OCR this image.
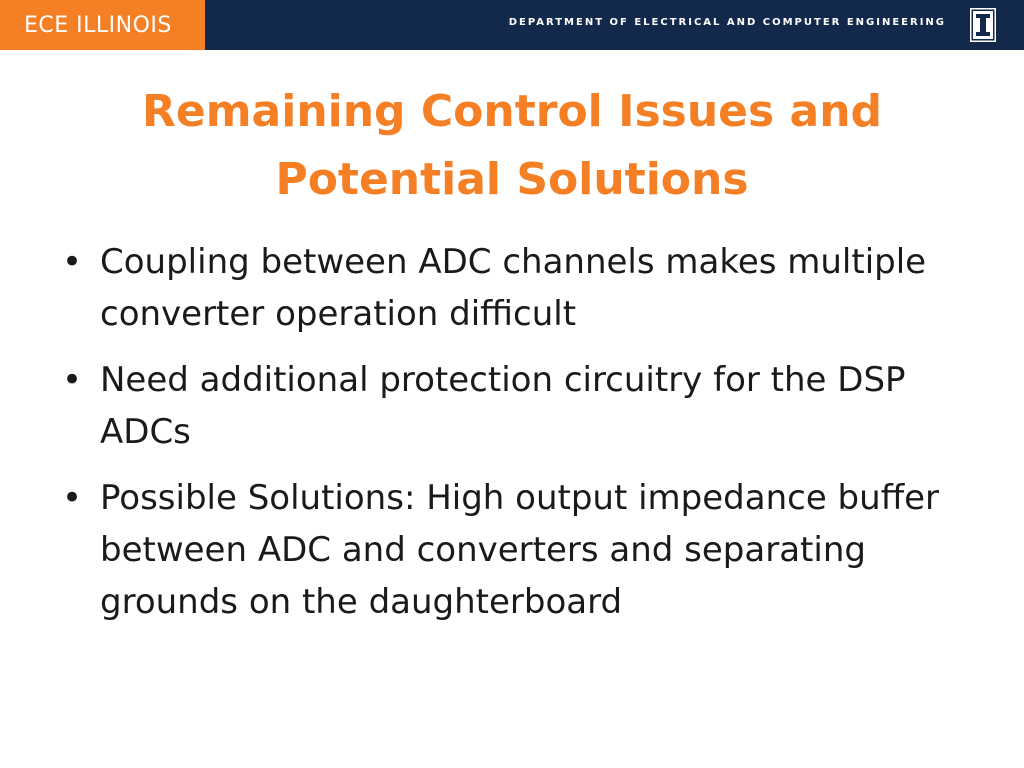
ECE ILLINOIS	DEPARTMENT OF ELECTRICAL AND COMPUTER ENGINEERING
Remaining Control Issues and
Potential Solutions
• Coupling between ADC channels makes multiple converter operation difficult
• Need additional protection circuitry for the DSP ADCs
• Possible Solutions: High output impedance buffer between ADC and converters and separating grounds on the daughterboard
